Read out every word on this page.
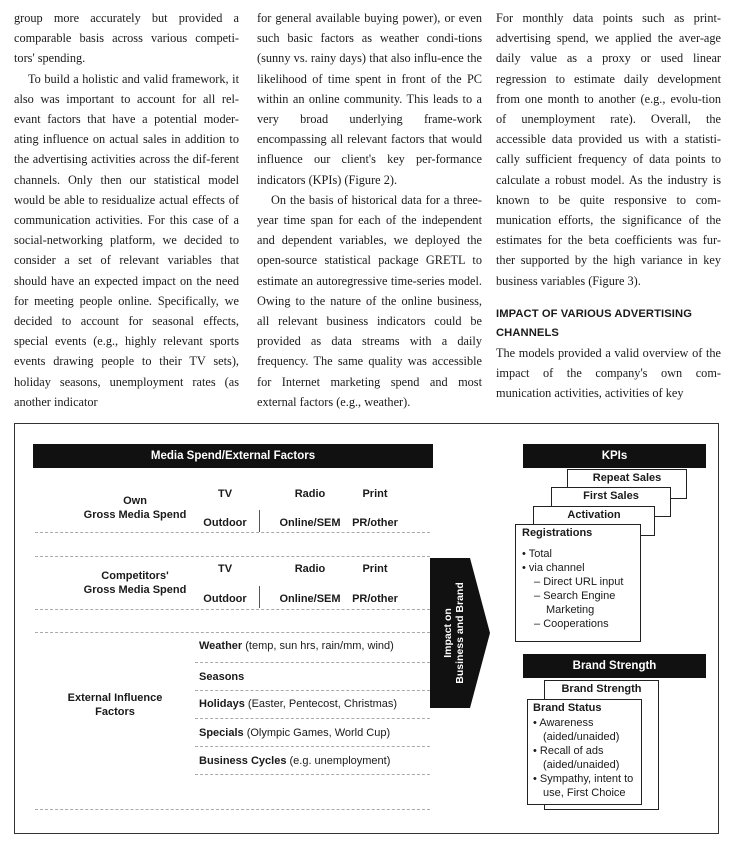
group more accurately but provided a comparable basis across various competi-tors' spending.

To build a holistic and valid framework, it also was important to account for all rel-evant factors that have a potential moder-ating influence on actual sales in addition to the advertising activities across the dif-ferent channels. Only then our statistical model would be able to residualize actual effects of communication activities. For this case of a social-networking platform, we decided to consider a set of relevant variables that should have an expected impact on the need for meeting people online. Specifically, we decided to account for seasonal effects, special events (e.g., highly relevant sports events drawing people to their TV sets), holiday seasons, unemployment rates (as another indicator

for general available buying power), or even such basic factors as weather condi-tions (sunny vs. rainy days) that also influ-ence the likelihood of time spent in front of the PC within an online community. This leads to a very broad underlying frame-work encompassing all relevant factors that would influence our client's key per-formance indicators (KPIs) (Figure 2).

On the basis of historical data for a three-year time span for each of the independent and dependent variables, we deployed the open-source statistical package GRETL to estimate an autoregressive time-series model. Owing to the nature of the online business, all relevant business indicators could be provided as data streams with a daily frequency. The same quality was accessible for Internet marketing spend and most external factors (e.g., weather).

For monthly data points such as print-advertising spend, we applied the aver-age daily value as a proxy or used linear regression to estimate daily development from one month to another (e.g., evolu-tion of unemployment rate). Overall, the accessible data provided us with a statisti-cally sufficient frequency of data points to calculate a robust model. As the industry is known to be quite responsive to com-munication efforts, the significance of the estimates for the beta coefficients was fur-ther supported by the high variance in key business variables (Figure 3).

IMPACT OF VARIOUS ADVERTISING CHANNELS

The models provided a valid overview of the impact of the company's own com-munication activities, activities of key

Media Spend/External Factors
Own
Gross Media Spend
TV	Radio	Print
Outdoor	Online/SEM	PR/other
Competitors'
Gross Media Spend
TV	Radio	Print
Outdoor	Online/SEM	PR/other
External Influence
Factors
Weather (temp, sun hrs, rain/mm, wind)
Seasons
Holidays (Easter, Pentecost, Christmas)
Specials (Olympic Games, World Cup)
Business Cycles (e.g. unemployment)
Impact on Business and Brand
KPIs
Repeat Sales
First Sales
Activation
Registrations
• Total
• via channel
– Direct URL input
– Search Engine
Marketing
– Cooperations
Brand Strength
Brand Strength
Brand Status
• Awareness
(aided/unaided)
• Recall of ads
(aided/unaided)
• Sympathy, intent to
use, First Choice
